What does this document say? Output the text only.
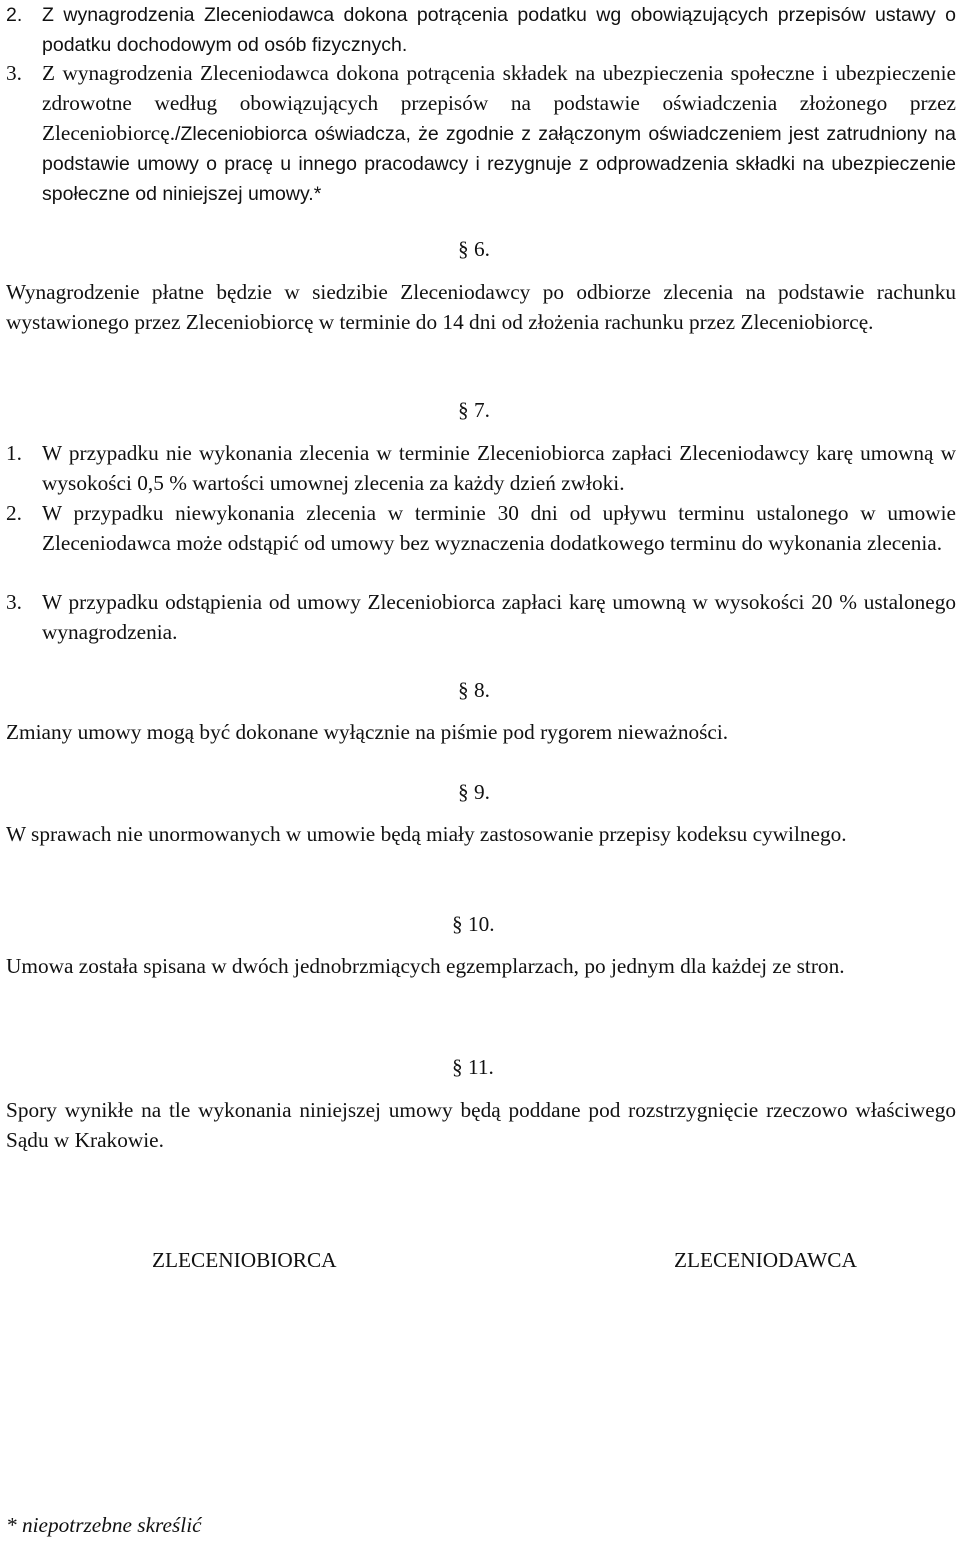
2. Z wynagrodzenia Zleceniodawca dokona potrącenia podatku wg obowiązujących przepisów ustawy o podatku dochodowym od osób fizycznych.
3. Z wynagrodzenia Zleceniodawca dokona potrącenia składek na ubezpieczenia społeczne i ubezpieczenie zdrowotne według obowiązujących przepisów na podstawie oświadczenia złożonego przez Zleceniobiorcę./Zleceniobiorca oświadcza, że zgodnie z załączonym oświadczeniem jest zatrudniony na podstawie umowy o pracę u innego pracodawcy i rezygnuje z odprowadzenia składki na ubezpieczenie społeczne od niniejszej umowy.*
§ 6.
Wynagrodzenie płatne będzie w siedzibie Zleceniodawcy po odbiorze zlecenia na podstawie rachunku wystawionego przez Zleceniobiorcę w terminie do 14 dni od złożenia rachunku przez Zleceniobiorcę.
§ 7.
1. W przypadku nie wykonania zlecenia w terminie Zleceniobiorca zapłaci Zleceniodawcy karę umowną w wysokości 0,5 % wartości umownej zlecenia za każdy dzień zwłoki.
2. W przypadku niewykonania zlecenia w terminie 30 dni od upływu terminu ustalonego w umowie Zleceniodawca może odstąpić od umowy bez wyznaczenia dodatkowego terminu do wykonania zlecenia.
3. W przypadku odstąpienia od umowy Zleceniobiorca zapłaci karę umowną w wysokości 20 % ustalonego wynagrodzenia.
§ 8.
Zmiany umowy mogą być dokonane wyłącznie na piśmie pod rygorem nieważności.
§ 9.
W sprawach nie unormowanych w umowie będą miały zastosowanie przepisy kodeksu cywilnego.
§ 10.
Umowa została spisana w dwóch jednobrzmiących egzemplarzach, po jednym dla każdej ze stron.
§ 11.
Spory wynikłe na tle wykonania niniejszej umowy będą poddane pod rozstrzygnięcie rzeczowo właściwego Sądu w Krakowie.
ZLECENIOBIORCA	ZLECENIODAWCA
* niepotrzebne skreślić
